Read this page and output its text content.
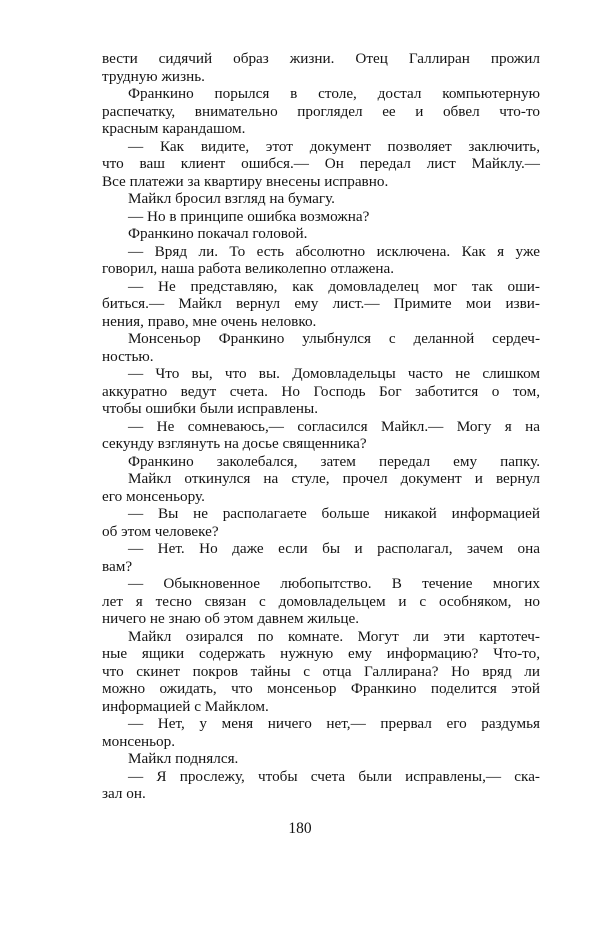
вести сидячий образ жизни. Отец Галлиран прожил
трудную жизнь.
Франкино порылся в столе, достал компьютерную
распечатку, внимательно проглядел ее и обвел что-то
красным карандашом.
— Как видите, этот документ позволяет заключить,
что ваш клиент ошибся.— Он передал лист Майклу.—
Все платежи за квартиру внесены исправно.
Майкл бросил взгляд на бумагу.
— Но в принципе ошибка возможна?
Франкино покачал головой.
— Вряд ли. То есть абсолютно исключена. Как я уже
говорил, наша работа великолепно отлажена.
— Не представляю, как домовладелец мог так оши-
биться.— Майкл вернул ему лист.— Примите мои изви-
нения, право, мне очень неловко.
Монсеньор Франкино улыбнулся с деланной сердеч-
ностью.
— Что вы, что вы. Домовладельцы часто не слишком
аккуратно ведут счета. Но Господь Бог заботится о том,
чтобы ошибки были исправлены.
— Не сомневаюсь,— согласился Майкл.— Могу я на
секунду взглянуть на досье священника?
Франкино заколебался, затем передал ему папку.
Майкл откинулся на стуле, прочел документ и вернул
его монсеньору.
— Вы не располагаете больше никакой информацией
об этом человеке?
— Нет. Но даже если бы и располагал, зачем она
вам?
— Обыкновенное любопытство. В течение многих
лет я тесно связан с домовладельцем и с особняком, но
ничего не знаю об этом давнем жильце.
Майкл озирался по комнате. Могут ли эти картотеч-
ные ящики содержать нужную ему информацию? Что-то,
что скинет покров тайны с отца Галлирана? Но вряд ли
можно ожидать, что монсеньор Франкино поделится этой
информацией с Майклом.
— Нет, у меня ничего нет,— прервал его раздумья
монсеньор.
Майкл поднялся.
— Я прослежу, чтобы счета были исправлены,— ска-
зал он.
180
